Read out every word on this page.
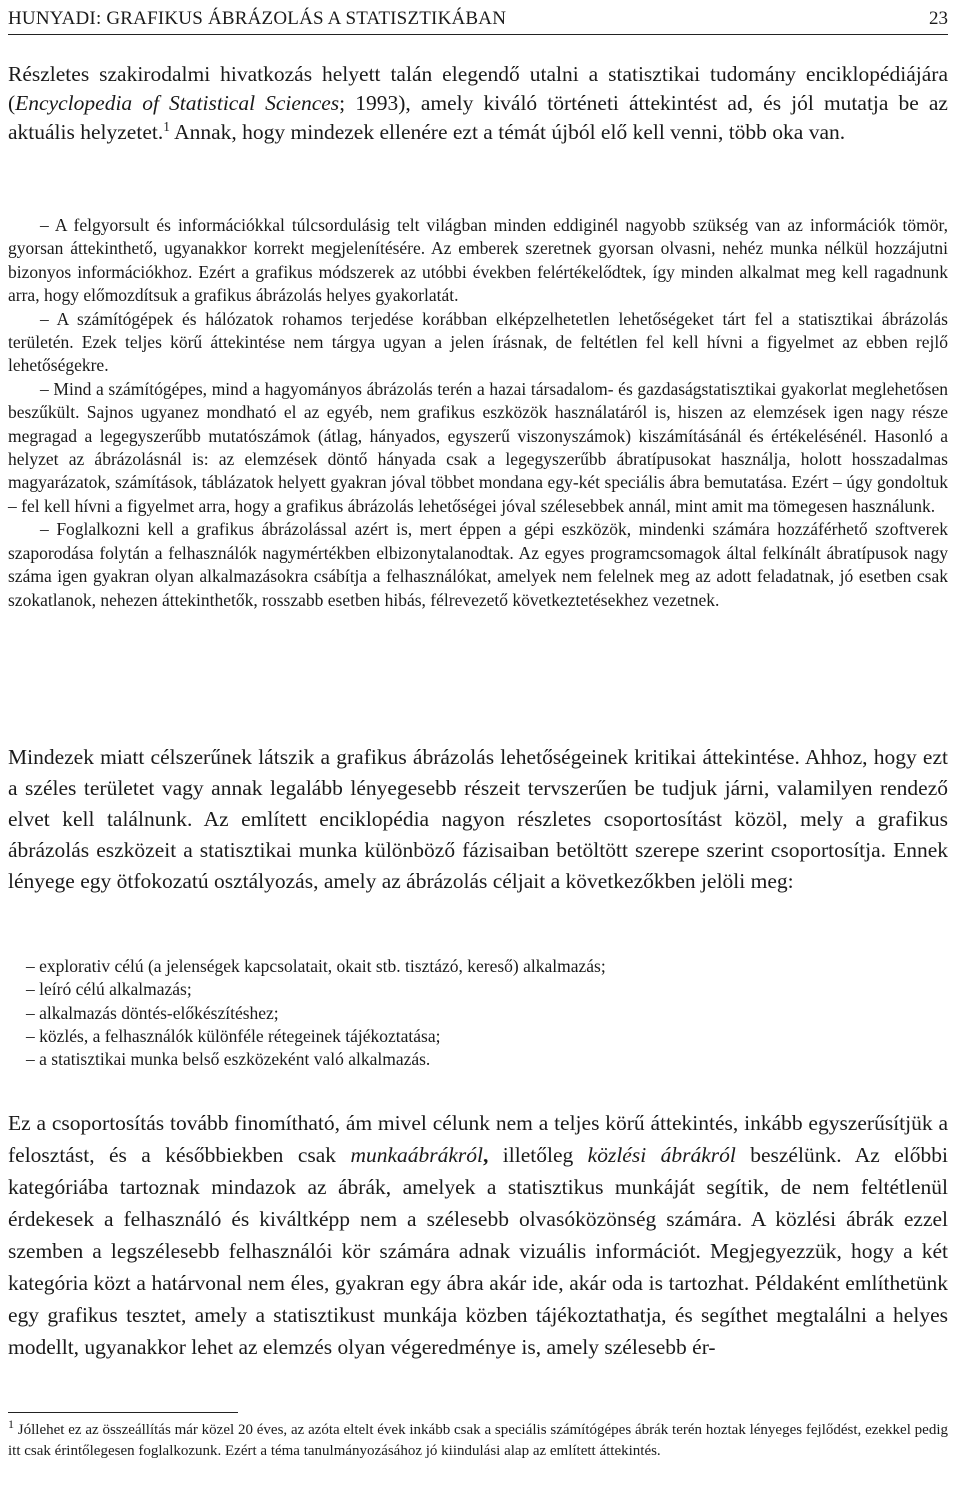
HUNYADI: GRAFIKUS ÁBRÁZOLÁS A STATISZTIKÁBAN	23

Részletes szakirodalmi hivatkozás helyett talán elegendő utalni a statisztikai tudomány enciklopédiájára (Encyclopedia of Statistical Sciences; 1993), amely kiváló történeti áttekintést ad, és jól mutatja be az aktuális helyzetet.$^1$ Annak, hogy mindezek ellenére ezt a témát újból elő kell venni, több oka van.

– A felgyorsult és információkkal túlcsordulásig telt világban minden eddiginél nagyobb szükség van az információk tömör, gyorsan áttekinthető, ugyanakkor korrekt megjelenítésére. Az emberek szeretnek gyorsan olvasni, nehéz munka nélkül hozzájutni bizonyos információkhoz. Ezért a grafikus módszerek az utóbbi években felértékelődtek, így minden alkalmat meg kell ragadnunk arra, hogy előmozdítsuk a grafikus ábrázolás helyes gyakorlatát.

– A számítógépek és hálózatok rohamos terjedése korábban elképzelhetetlen lehetőségeket tárt fel a statisztikai ábrázolás területén. Ezek teljes körű áttekintése nem tárgya ugyan a jelen írásnak, de feltétlen fel kell hívni a figyelmet az ebben rejlő lehetőségekre.

– Mind a számítógépes, mind a hagyományos ábrázolás terén a hazai társadalom- és gazdaságstatisztikai gyakorlat meglehetősen beszűkült. Sajnos ugyanez mondható el az egyéb, nem grafikus eszközök használatáról is, hiszen az elemzések igen nagy része megragad a legegyszerűbb mutatószámok (átlag, hányados, egyszerű viszonyszámok) kiszámításánál és értékelésénél. Hasonló a helyzet az ábrázolásnál is: az elemzések döntő hányada csak a legegyszerűbb ábratípusokat használja, holott hosszadalmas magyarázatok, számítások, táblázatok helyett gyakran jóval többet mondana egy-két speciális ábra bemutatása. Ezért – úgy gondoltuk – fel kell hívni a figyelmet arra, hogy a grafikus ábrázolás lehetőségei jóval szélesebbek annál, mint amit ma tömegesen használunk.

– Foglalkozni kell a grafikus ábrázolással azért is, mert éppen a gépi eszközök, mindenki számára hozzáférhető szoftverek szaporodása folytán a felhasználók nagymértékben elbizonytalanodtak. Az egyes programcsomagok által felkínált ábratípusok nagy száma igen gyakran olyan alkalmazásokra csábítja a felhasználókat, amelyek nem felelnek meg az adott feladatnak, jó esetben csak szokatlanok, nehezen áttekinthetők, rosszabb esetben hibás, félrevezető következtetésekhez vezetnek.

Mindezek miatt célszerűnek látszik a grafikus ábrázolás lehetőségeinek kritikai áttekintése. Ahhoz, hogy ezt a széles területet vagy annak legalább lényegesebb részeit tervszerűen be tudjuk járni, valamilyen rendező elvet kell találnunk. Az említett enciklopédia nagyon részletes csoportosítást közöl, mely a grafikus ábrázolás eszközeit a statisztikai munka különböző fázisaiban betöltött szerepe szerint csoportosítja. Ennek lényege egy ötfokozatú osztályozás, amely az ábrázolás céljait a következőkben jelöli meg:

– explorativ célú (a jelenségek kapcsolatait, okait stb. tisztázó, kereső) alkalmazás;
– leíró célú alkalmazás;
– alkalmazás döntés-előkészítéshez;
– közlés, a felhasználók különféle rétegeinek tájékoztatása;
– a statisztikai munka belső eszközeként való alkalmazás.

Ez a csoportosítás tovább finomítható, ám mivel célunk nem a teljes körű áttekintés, inkább egyszerűsítjük a felosztást, és a későbbiekben csak munkaábrákról, illetőleg közlési ábrákról beszélünk. Az előbbi kategóriába tartoznak mindazok az ábrák, amelyek a statisztikus munkáját segítik, de nem feltétlenül érdekesek a felhasználó és kiváltképp nem a szélesebb olvasóközönség számára. A közlési ábrák ezzel szemben a legszélesebb felhasználói kör számára adnak vizuális információt. Megjegyezzük, hogy a két kategória közt a határvonal nem éles, gyakran egy ábra akár ide, akár oda is tartozhat. Példaként említhetünk egy grafikus tesztet, amely a statisztikust munkája közben tájékoztathatja, és segíthet megtalálni a helyes modellt, ugyanakkor lehet az elemzés olyan végeredménye is, amely szélesebb ér-

$^1$ Jóllehet ez az összeállítás már közel 20 éves, az azóta eltelt évek inkább csak a speciális számítógépes ábrák terén hoztak lényeges fejlődést, ezekkel pedig itt csak érintőlegesen foglalkozunk. Ezért a téma tanulmányozásához jó kiindulási alap az említett áttekintés.
